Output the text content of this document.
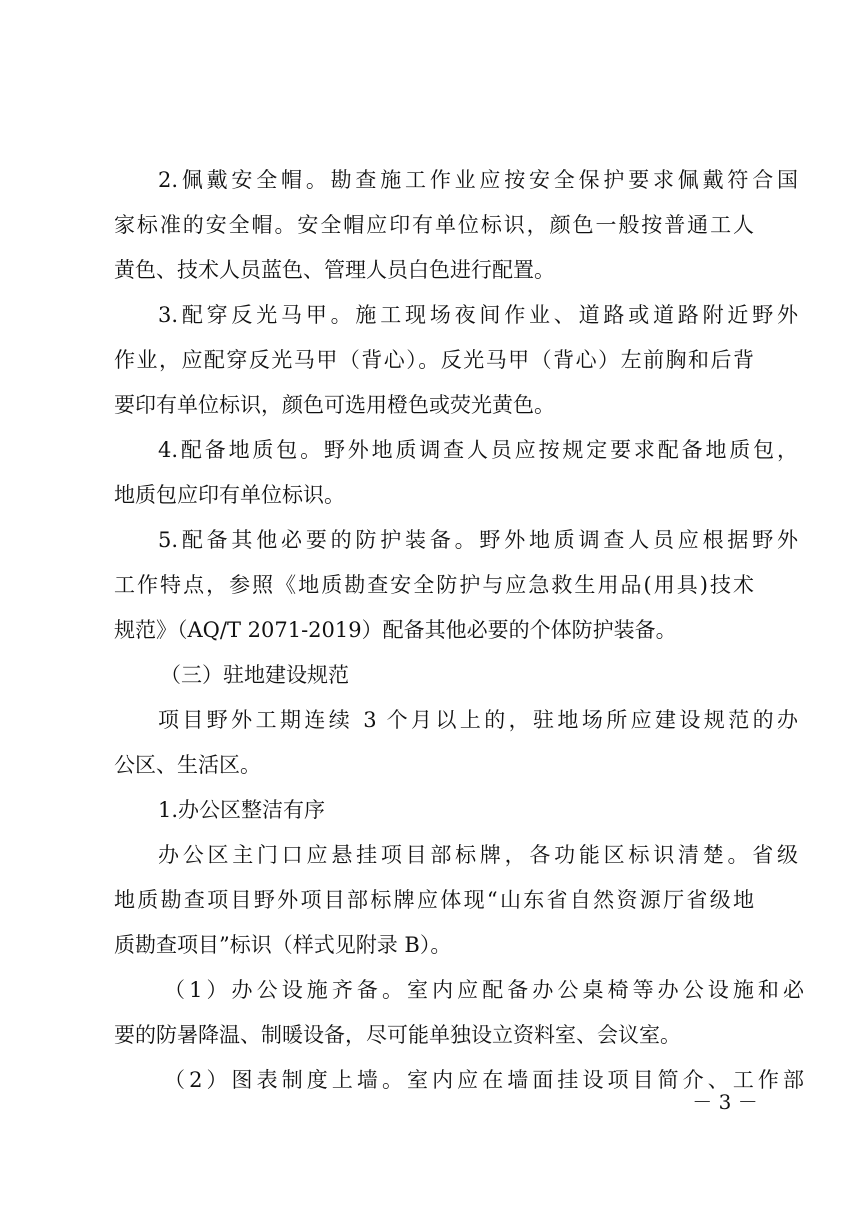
2.佩戴安全帽。勘查施工作业应按安全保护要求佩戴符合国
家标准的安全帽。安全帽应印有单位标识，颜色一般按普通工人
黄色、技术人员蓝色、管理人员白色进行配置。
3.配穿反光马甲。施工现场夜间作业、道路或道路附近野外
作业，应配穿反光马甲（背心）。反光马甲（背心）左前胸和后背
要印有单位标识，颜色可选用橙色或荧光黄色。
4.配备地质包。野外地质调查人员应按规定要求配备地质包，
地质包应印有单位标识。
5.配备其他必要的防护装备。野外地质调查人员应根据野外
工作特点，参照《地质勘查安全防护与应急救生用品(用具)技术
规范》（AQ/T 2071-2019）配备其他必要的个体防护装备。
（三）驻地建设规范
项目野外工期连续 3 个月以上的，驻地场所应建设规范的办
公区、生活区。
1.办公区整洁有序
办公区主门口应悬挂项目部标牌，各功能区标识清楚。省级
地质勘查项目野外项目部标牌应体现“山东省自然资源厅省级地
质勘查项目”标识（样式见附录 B）。
（1）办公设施齐备。室内应配备办公桌椅等办公设施和必
要的防暑降温、制暖设备，尽可能单独设立资料室、会议室。
（2）图表制度上墙。室内应在墙面挂设项目简介、工作部
－ 3 －
